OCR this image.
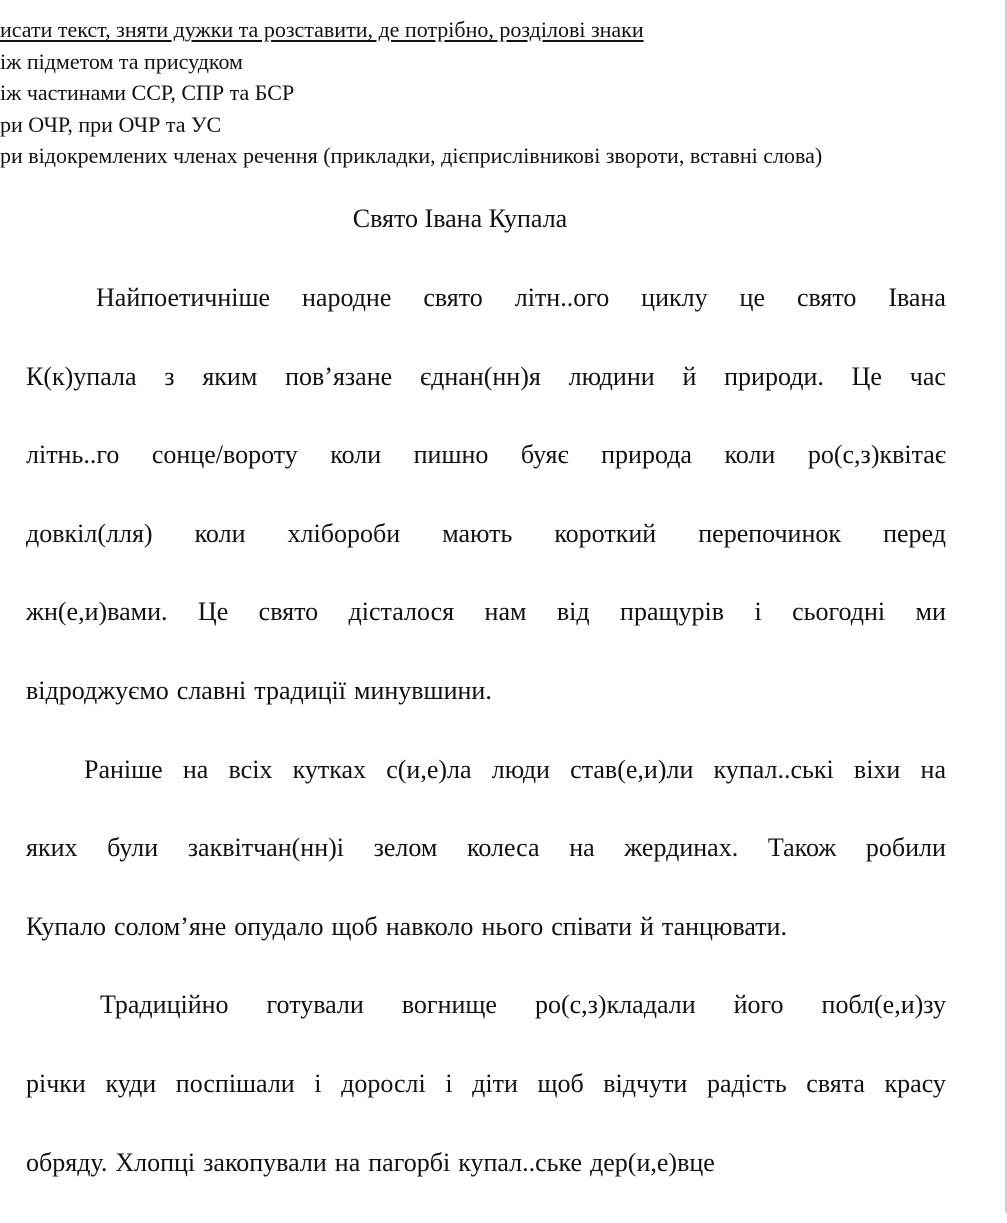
исати текст, зняти дужки та розставити, де потрібно, розділові знаки
іж підметом та присудком
іж частинами ССР, СПР та БСР
ри ОЧР, при ОЧР та УС
ри відокремлених членах речення (прикладки, дієприслівникові звороти, вставні слова)
Свято Івана Купала
Найпоетичніше народне свято літн..ого циклу це свято Івана
К(к)упала з яким пов’язане єднан(нн)я людини й природи. Це час
літнь..го сонце/вороту коли пишно буяє природа коли ро(с,з)квітає
довкіл(лля) коли хлібороби мають короткий перепочинок перед
жн(е,и)вами. Це свято дісталося нам від пращурів і сьогодні ми
відроджуємо славні традиції минувшини.
Раніше на всіх кутках с(и,е)ла люди став(е,и)ли купал..ські віхи на
яких були заквітчан(нн)і зелом колеса на жердинах. Також робили
Купало солом’яне опудало щоб навколо нього співати й танцювати.
Традиційно готували вогнище ро(с,з)кладали його побл(е,и)зу
річки куди поспішали і дорослі і діти щоб відчути радість свята красу
обряду. Хлопці закопували на пагорбі купал..ське дер(и,е)вце
